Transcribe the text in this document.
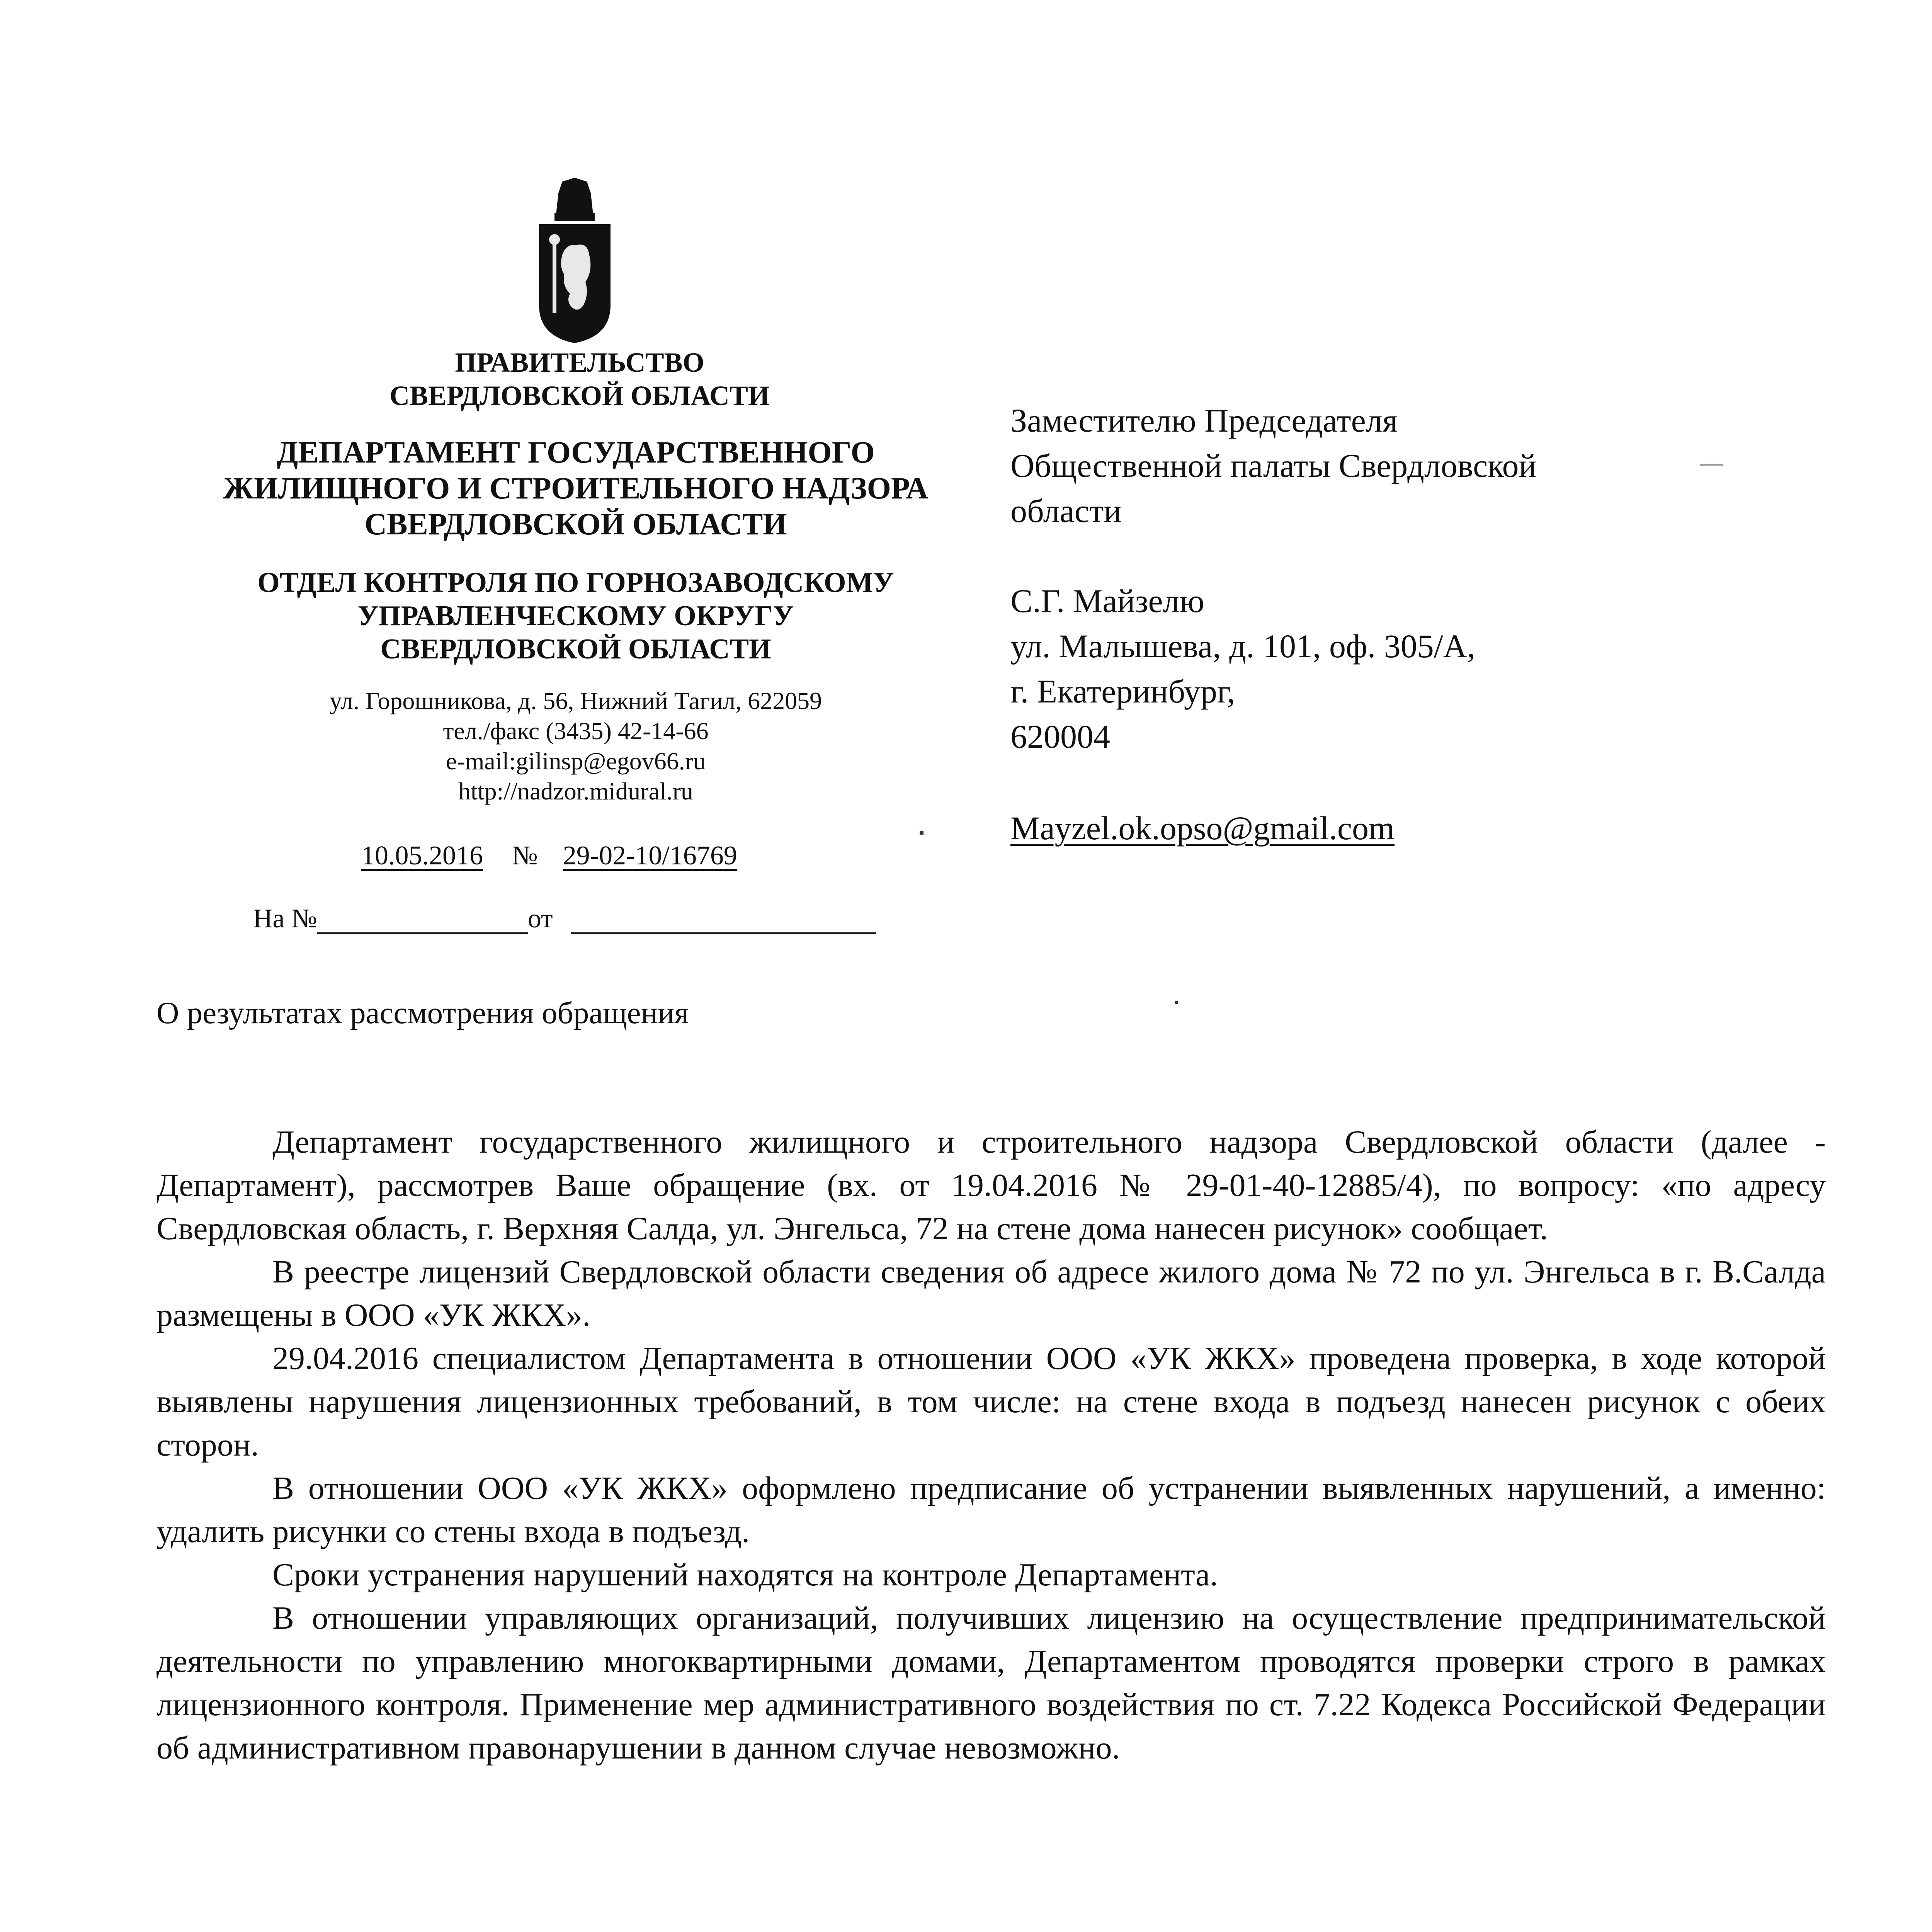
ПРАВИТЕЛЬСТВО
СВЕРДЛОВСКОЙ ОБЛАСТИ
ДЕПАРТАМЕНТ ГОСУДАРСТВЕННОГО
ЖИЛИЩНОГО И СТРОИТЕЛЬНОГО НАДЗОРА
СВЕРДЛОВСКОЙ ОБЛАСТИ
ОТДЕЛ КОНТРОЛЯ ПО ГОРНОЗАВОДСКОМУ
УПРАВЛЕНЧЕСКОМУ ОКРУГУ
СВЕРДЛОВСКОЙ ОБЛАСТИ
ул. Горошникова, д. 56, Нижний Тагил, 622059
тел./факс (3435) 42-14-66
e-mail:gilinsp@egov66.ru
http://nadzor.midural.ru
10.05.2016 № 29-02-10/16769
На №	от
Заместителю Председателя
Общественной палаты Свердловской
области
С.Г. Майзелю
ул. Малышева, д. 101, оф. 305/А,
г. Екатеринбург,
620004
Mayzel.ok.opso@gmail.com
О результатах рассмотрения обращения

Департамент государственного жилищного и строительного надзора Свердловской области (далее - Департамент), рассмотрев Ваше обращение (вх. от 19.04.2016 № 29-01-40-12885/4), по вопросу: «по адресу Свердловская область, г. Верхняя Салда, ул. Энгельса, 72 на стене дома нанесен рисунок» сообщает.

В реестре лицензий Свердловской области сведения об адресе жилого дома № 72 по ул. Энгельса в г. В.Салда размещены в ООО «УК ЖКХ».

29.04.2016 специалистом Департамента в отношении ООО «УК ЖКХ» проведена проверка, в ходе которой выявлены нарушения лицензионных требований, в том числе: на стене входа в подъезд нанесен рисунок с обеих сторон.

В отношении ООО «УК ЖКХ» оформлено предписание об устранении выявленных нарушений, а именно: удалить рисунки со стены входа в подъезд.

Сроки устранения нарушений находятся на контроле Департамента.

В отношении управляющих организаций, получивших лицензию на осуществление предпринимательской деятельности по управлению многоквартирными домами, Департаментом проводятся проверки строго в рамках лицензионного контроля. Применение мер административного воздействия по ст. 7.22 Кодекса Российской Федерации об административном правонарушении в данном случае невозможно.
